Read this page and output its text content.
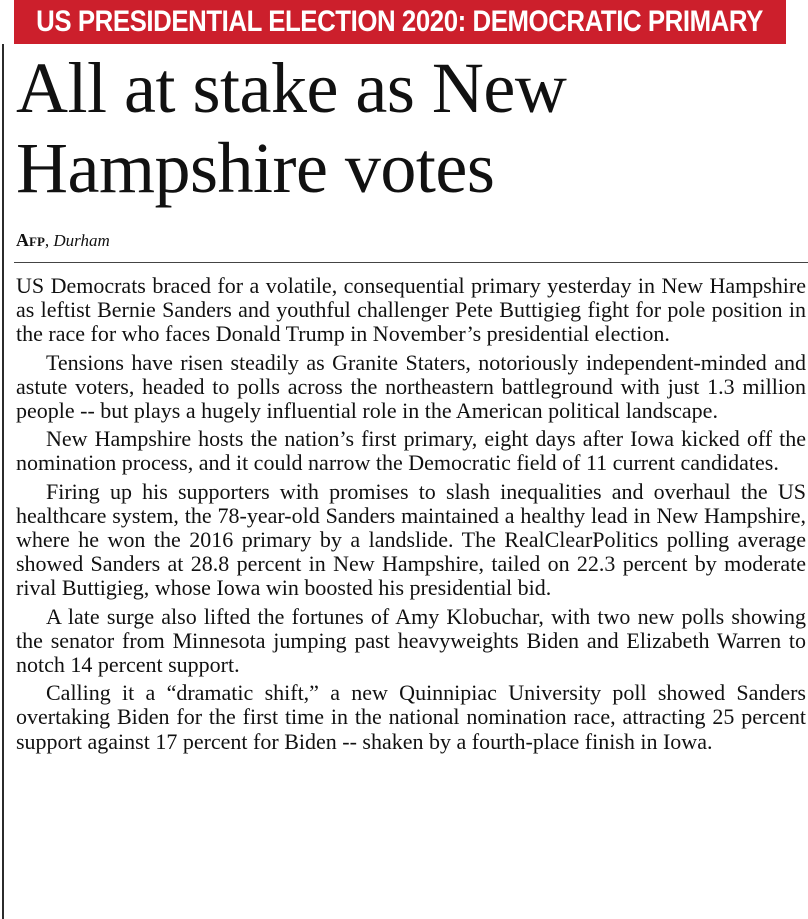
US PRESIDENTIAL ELECTION 2020: DEMOCRATIC PRIMARY
All at stake as New Hampshire votes
Afp, Durham

US Democrats braced for a volatile, consequential primary yesterday in New Hampshire as leftist Bernie Sanders and youthful challenger Pete Buttigieg fight for pole position in the race for who faces Donald Trump in November’s presidential election.

Tensions have risen steadily as Granite Staters, notoriously independent-minded and astute voters, headed to polls across the northeastern battleground with just 1.3 million people -- but plays a hugely influential role in the American political landscape.

New Hampshire hosts the nation’s first primary, eight days after Iowa kicked off the nomination process, and it could narrow the Democratic field of 11 current candidates.

Firing up his supporters with promises to slash inequalities and overhaul the US healthcare system, the 78-year-old Sanders maintained a healthy lead in New Hampshire, where he won the 2016 primary by a landslide. The RealClearPolitics polling average showed Sanders at 28.8 percent in New Hampshire, tailed on 22.3 percent by moderate rival Buttigieg, whose Iowa win boosted his presidential bid.

A late surge also lifted the fortunes of Amy Klobuchar, with two new polls showing the senator from Minnesota jumping past heavyweights Biden and Elizabeth Warren to notch 14 percent support.

Calling it a “dramatic shift,” a new Quinnipiac University poll showed Sanders overtaking Biden for the first time in the national nomination race, attracting 25 percent support against 17 percent for Biden -- shaken by a fourth-place finish in Iowa.
